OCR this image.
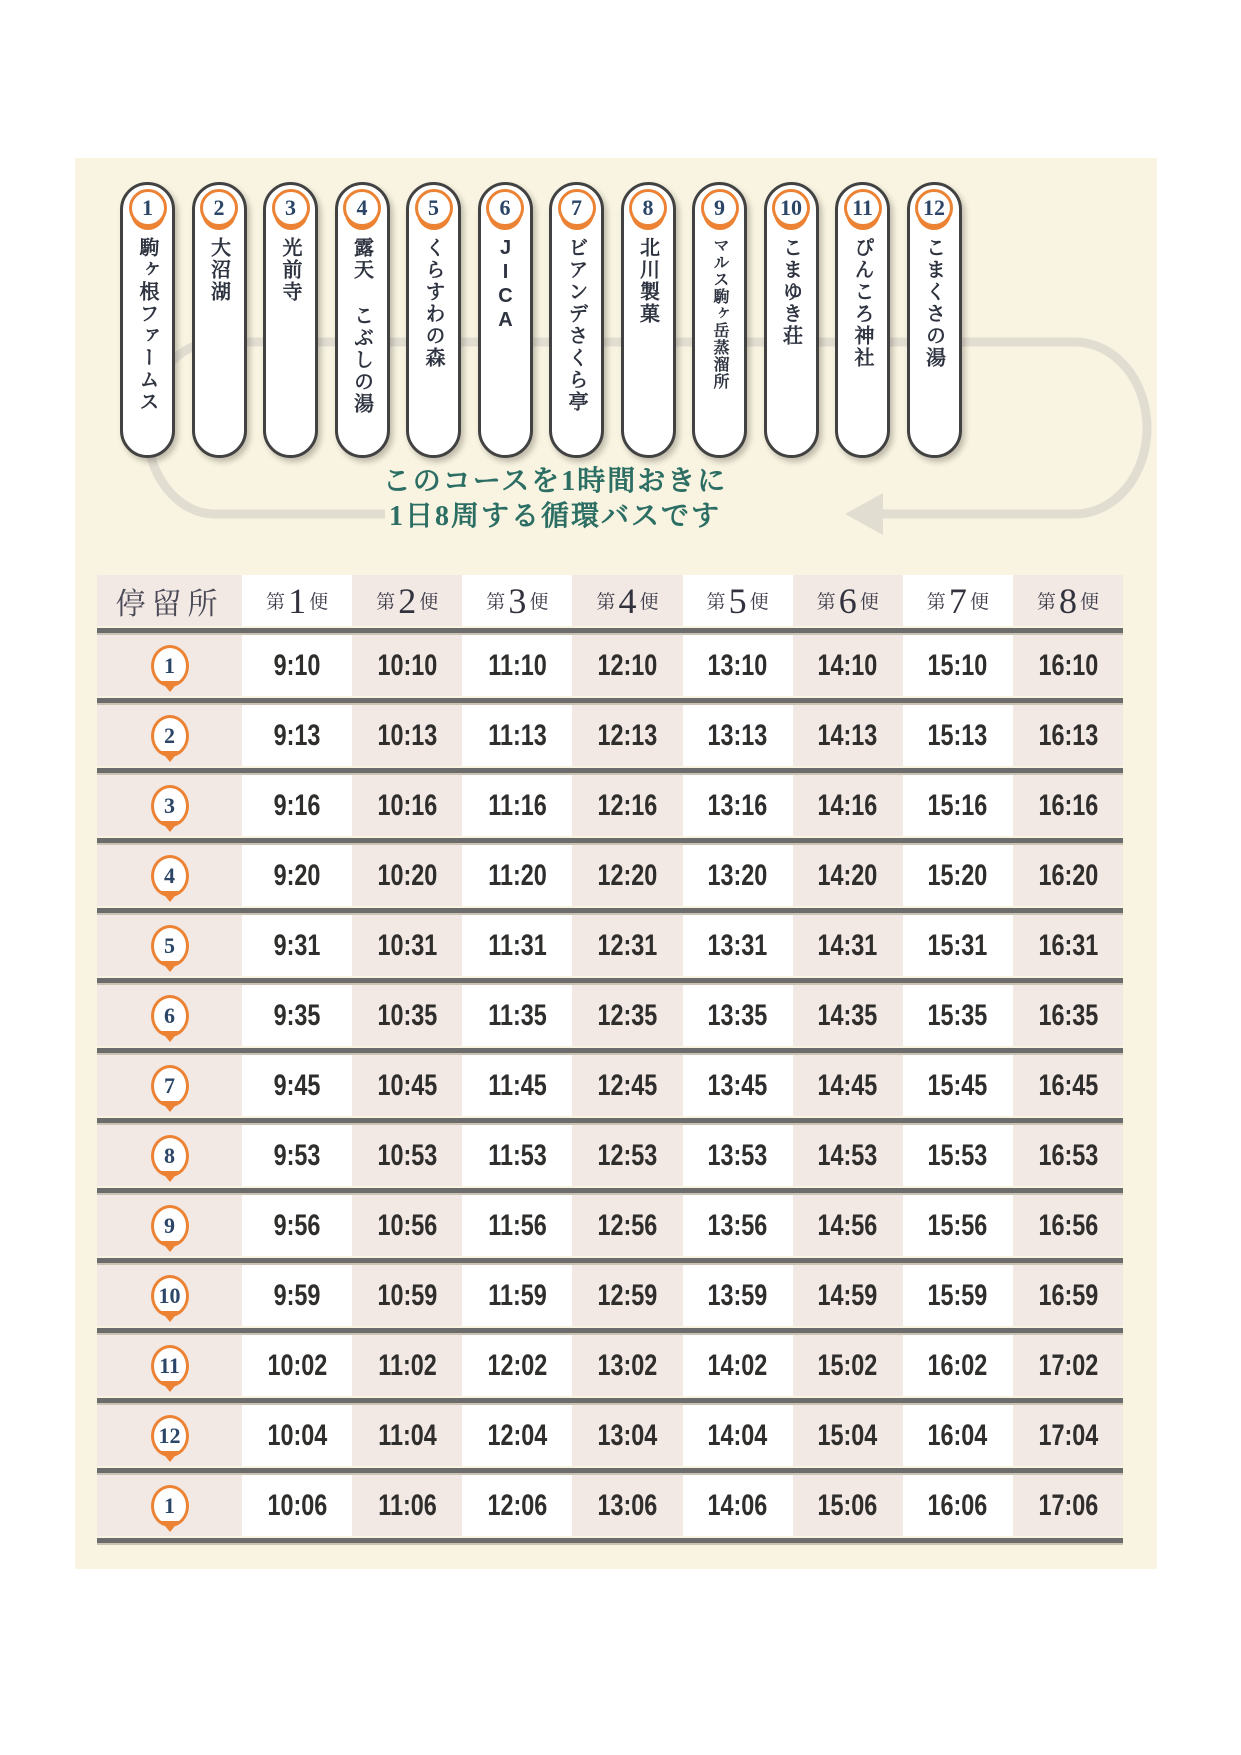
1
駒ヶ根ファームス
2
大沼湖
3
光前寺
4
露天 こぶしの湯
5
くらすわの森
6
JICA
7
ビアンデさくら亭
8
北川製菓
9
マルス駒ヶ岳蒸溜所
10
こまゆき荘
11
ぴんころ神社
12
こまくさの湯
このコースを1時間おきに
1日8周する循環バスです
停留所	第 1 便	第 2 便	第 3 便	第 4 便	第 5 便	第 6 便	第 7 便	第 8 便
1	9:10 10:10 11:10 12:10 13:10 14:10 15:10 16:10
2	9:13 10:13 11:13 12:13 13:13 14:13 15:13 16:13
3	9:16 10:16 11:16 12:16 13:16 14:16 15:16 16:16
4	9:20 10:20 11:20 12:20 13:20 14:20 15:20 16:20
5	9:31 10:31 11:31 12:31 13:31 14:31 15:31 16:31
6	9:35 10:35 11:35 12:35 13:35 14:35 15:35 16:35
7	9:45 10:45 11:45 12:45 13:45 14:45 15:45 16:45
8	9:53 10:53 11:53 12:53 13:53 14:53 15:53 16:53
9	9:56 10:56 11:56 12:56 13:56 14:56 15:56 16:56
10	9:59 10:59 11:59 12:59 13:59 14:59 15:59 16:59
11	10:02 11:02 12:02 13:02 14:02 15:02 16:02 17:02
12	10:04 11:04 12:04 13:04 14:04 15:04 16:04 17:04
1	10:06 11:06 12:06 13:06 14:06 15:06 16:06 17:06
